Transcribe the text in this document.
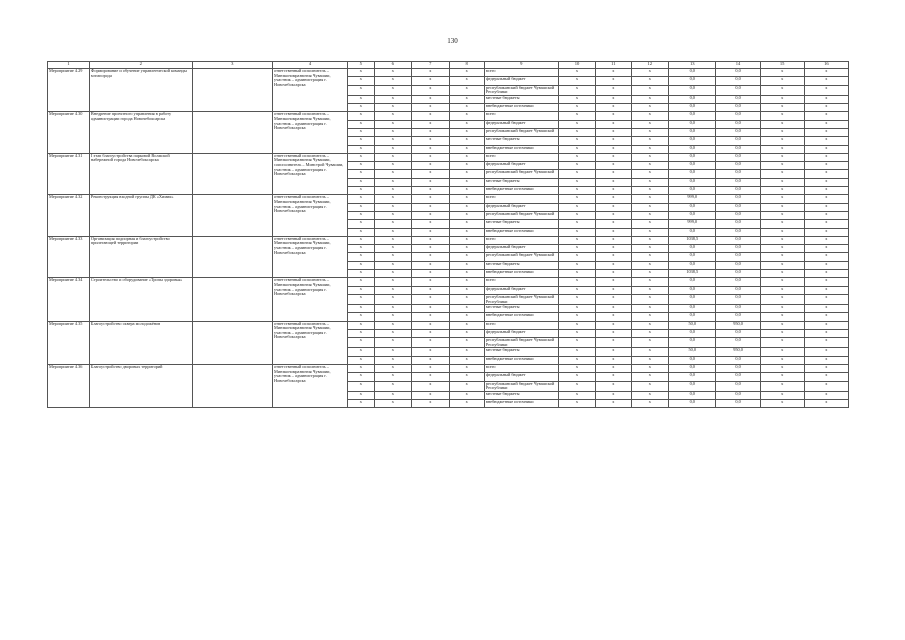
130
1	2	3	4	5	6	7	8	9	10	11	12	13	14	15	16
Мероприятие 4.29	Формирование и обучение управленческой команды мэгапорода		ответственный исполнитель – Минэкономразвития Чувашии, участник – администрация г. Новочебоксарска	х	х	х	х	всего	х	х	х	0,0	0,0	х	х
				х	х	х	х	федеральный бюджет	х	х	х	0,0	0,0	х	х
				х	х	х	х	республиканский бюджет Чувашской Республики	х	х	х	0,0	0,0	х	х
				х	х	х	х	местные бюджеты	х	х	х	0,0	0,0	х	х
				х	х	х	х	внебюджетные источники	х	х	х	0,0	0,0	х	х
Мероприятие 4.30	Внедрение проектного управления в работу администрации города Новочебоксарска		ответственный исполнитель – Минэкономразвития Чувашии, участник – администрация г. Новочебоксарска	х	х	х	х	всего	х	х	х	0,0	0,0	х	х
				х	х	х	х	федеральный бюджет	х	х	х	0,0	0,0	х	х
				х	х	х	х	республиканский бюджет Чувашской	х	х	х	0,0	0,0	х	х
				х	х	х	х	местные бюджеты	х	х	х	0,0	0,0	х	х
				х	х	х	х	внебюджетные источники	х	х	х	0,0	0,0	х	х
Мероприятие 4.31	I этап благоустройства парковой Волжской набережной города Новочебоксарска		ответственный исполнитель – Минэкономразвития Чувашии, соисполнитель – Минстрой Чувашии, участник – администрация г. Новочебоксарска	х	х	х	х	всего	х	х	х	0,0	0,0	х	х
				х	х	х	х	федеральный бюджет	х	х	х	0,0	0,0	х	х
				х	х	х	х	республиканский бюджет Чувашской	х	х	х	0,0	0,0	х	х
				х	х	х	х	местные бюджеты	х	х	х	0,0	0,0	х	х
				х	х	х	х	внебюджетные источники	х	х	х	0,0	0,0	х	х
Мероприятие 4.32	Реконструкция входной группы ДК «Химик»		ответственный исполнитель – Минэкономразвития Чувашии, участник – администрация г. Новочебоксарска	х	х	х	х	всего	х	х	х	999,0	0,0	х	х
				х	х	х	х	федеральный бюджет	х	х	х	0,0	0,0	х	х
				х	х	х	х	республиканский бюджет Чувашской	х	х	х	0,0	0,0	х	х
				х	х	х	х	местные бюджеты	х	х	х	999,0	0,0	х	х
				х	х	х	х	внебюджетные источники	х	х	х	0,0	0,0	х	х
Мероприятие 4.33	Организация подпорная и благоустройство прилегающей территории		ответственный исполнитель – Минэкономразвития Чувашии, участник – администрация г. Новочебоксарска	х	х	х	х	всего	х	х	х	1038,5	0,0	х	х
				х	х	х	х	федеральный бюджет	х	х	х	0,0	0,0	х	х
				х	х	х	х	республиканский бюджет Чувашской	х	х	х	0,0	0,0	х	х
				х	х	х	х	местные бюджеты	х	х	х	0,0	0,0	х	х
				х	х	х	х	внебюджетные источники	х	х	х	1038,5	0,0	х	х
Мероприятие 4.34	Строительство и оборудование «Тропы здоровья»		ответственный исполнитель – Минэкономразвития Чувашии, участник – администрация г. Новочебоксарска	х	х	х	х	всего	х	х	х	0,0	0,0	х	х
				х	х	х	х	федеральный бюджет	х	х	х	0,0	0,0	х	х
				х	х	х	х	республиканский бюджет Чувашской Республики	х	х	х	0,0	0,0	х	х
				х	х	х	х	местные бюджеты	х	х	х	0,0	0,0	х	х
				х	х	х	х	внебюджетные источники	х	х	х	0,0	0,0	х	х
Мероприятие 4.35	Благоустройство сквера молодожёнов		ответственный исполнитель – Минэкономразвития Чувашии, участник – администрация г. Новочебоксарска	х	х	х	х	всего	х	х	х	50,0	950,0	х	х
				х	х	х	х	федеральный бюджет	х	х	х	0,0	0,0	х	х
				х	х	х	х	республиканский бюджет Чувашской Республики	х	х	х	0,0	0,0	х	х
				х	х	х	х	местные бюджеты	х	х	х	50,0	950,0	х	х
				х	х	х	х	внебюджетные источники	х	х	х	0,0	0,0	х	х
Мероприятие 4.36	Благоустройство дворовых территорий		ответственный исполнитель – Минэкономразвития Чувашии, участник – администрация г. Новочебоксарска	х	х	х	х	всего	х	х	х	0,0	0,0	х	х
				х	х	х	х	федеральный бюджет	х	х	х	0,0	0,0	х	х
				х	х	х	х	республиканский бюджет Чувашской Республики	х	х	х	0,0	0,0	х	х
				х	х	х	х	местные бюджеты	х	х	х	0,0	0,0	х	х
				х	х	х	х	внебюджетные источники	х	х	х	0,0	0,0	х	х
